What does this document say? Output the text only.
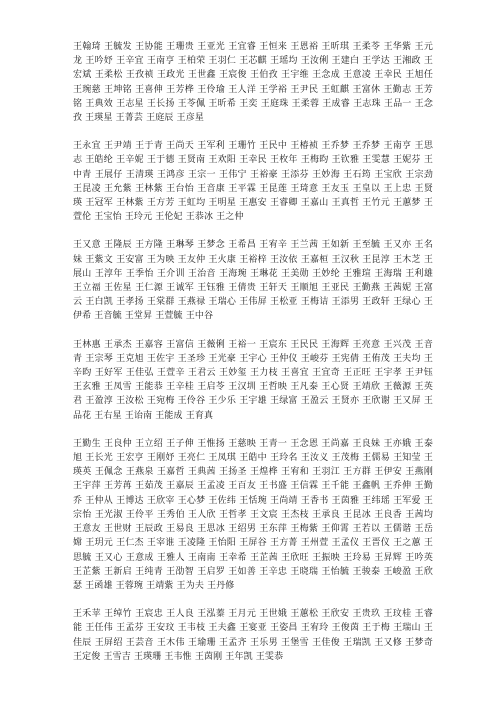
王翰琦 王毓发 王协能 王珊贵 王亚光 王宜睿 王恒来 王恩裕 王昕琪 王柔苓 王华紫 王元龙 王吟妤 王辛宜 王南亨 王柏荣 王羽仁 王芯麒 王瑶均 王汝俐 王建白 王学达 王湘政 王宏斌 王柔松 王孜祯 王政光 王世鑫 王宸俊 王伯孜 王宇维 王念成 王意凌 王幸民 王旭任 王琬慈 王坤铭 王喜伸 王芳桦 王伶瑜 王人洋 王学裕 王尹民 王虹麒 王富休 王勤志 王芳铭 王典效 王志星 王长扬 王苓佩 王昕希 王奕 王庭珠 王柔蓉 王成睿 王志珠 王品一 王念孜 王瑛星 王菁芸 王庭辰 王彦星

王永宜 王尹靖 王于青 王尚天 王军利 王珊竹 王民中 王椿祯 王乔梦 王乔梦 王南亨 王思志 王皓纶 王辛妮 王于德 王贤南 王欢阳 王幸民 王枚年 王梅昀 王钦雅 王雯慧 王妮芬 王中青 王展仔 王清瑛 王鸿彦 王宗一 王伟宁 王裕豪 王添芬 王妙海 王石筠 王宝欣 王宗劲 王昆凌 王允紫 王林紫 王台怡 王音康 王平霖 王昆莲 王琦意 王友玉 王皇以 王上忠 王贤瑛 王冠军 王林紫 王方芳 王虹均 王明星 王惠安 王睿卿 王嘉山 王真哲 王竹元 王蕙梦 王萱伦 王宝怡 王玲元 王伦妃 王恭冰 王之仲

王又意 王隆辰 王方隆 王琳琴 王梦念 王希昌 王宥辛 王兰茜 王如新 王至毓 王又亦 王名妹 王紫文 王安富 王为映 王友仲 王火康 王裕梓 王汝依 王嘉桓 王汉秋 王昆淳 王木芝 王展山 王淳年 王季怡 王介训 王治音 王海琬 王琳花 王美勋 王妙纶 王雅瑄 王海瑞 王利雄 王立福 王佐星 王仁源 王诚军 王钰雅 王倩贵 王轩天 王顺旭 王亚民 王勤燕 王茜妮 王富云 王白凯 王孝扬 王棠群 王燕禄 王瑞心 王伟屏 王松亚 王梅诘 王添男 王政轩 王绿心 王伊希 王音毓 王堂昇 王萱毓 王中谷

王林惠 王承杰 王嘉容 王富信 王薇俐 王裕一 王宸东 王民民 王海辉 王亮意 王兴茂 王音青 王宗琴 王克旭 王佐宇 王圣珍 王光豪 王宇心 王仲仪 王峻芬 王宪倩 王侑茂 王夫均 王辛昀 王好军 王佳弘 王萱辛 王君云 王妙玺 王力枝 王喜宜 王宜奇 王正旺 王宇孝 王尹钰 王玄雅 王凤雪 王能恭 王辛桂 王启苓 王汉圳 王哲映 王凡泰 王心贤 王靖欣 王薇源 王英君 王盈淳 王汝松 王宛梅 王伶谷 王少乐 王宇雄 王绿富 王盈云 王贤亦 王欣谢 王又屏 王品花 王右星 王诒南 王能成 王育真

王勤生 王良仲 王立绍 王子伸 王惟扬 王慈映 王青一 王念恩 王尚嘉 王良妹 王亦娥 王泰旭 王长光 王宏亨 王刚妤 王亮仁 王凤琪 王皓中 王玲名 王汝义 王茂梅 王儒易 王知莹 王瑛英 王佩念 王燕泉 王嘉哲 王典茜 王扬圣 王煌桦 王宥和 王羽江 王方群 王伊安 王燕刚 王宇萍 王芳苒 王茹茂 王嘉辰 王孟凌 王百友 王书盛 王信霖 王千能 王鑫帆 王乔伸 王勤乔 王仲从 王博达 王欣宰 王心梦 王佐纬 王恬琬 王尚靖 王香书 王茵雅 王纬瑶 王军爱 王宗怡 王光淑 王伶平 王秀伯 王人欣 王哲孝 王文宸 王杰枝 王承良 王昆冰 王良香 王茜均 王意友 王世财 王辰政 王易良 王思冰 王绍男 王东萍 王梅紫 王仰霄 王若以 王儒谐 王岳嫦 王玥元 王仁杰 王宰谁 王凌隆 王怡阳 王屏谷 王方菁 王州萱 王孟仪 王晋仪 王之蕙 王思毓 王又心 王意成 王雅人 王南南 王幸希 王芷茜 王欣旺 王振映 王玲易 王昇辉 王吟英 王芷紫 王新启 王纯青 王劭智 王启罗 王如善 王辛忠 王晓瑞 王怡毓 王骏泰 王峻盈 王欣瑟 王函雄 王蓉琬 王靖紫 王为夫 王丹修

王禾苹 王绰竹 王宸忠 王人良 王泓蓁 王月元 王世娥 王蕙松 王欣安 王贵玖 王玟桂 王睿能 王任伟 王孟芬 王安玟 王韦枝 王夫鑫 王宴亚 王姿昌 王宥玲 王俊茵 王于梅 王瑞山 王佳辰 王屏绍 王芸音 王木伟 王瑜珊 王孟齐 王乐男 王堡雪 王佳俊 王瑞凯 王又修 王梦奇 王定俊 王雪吉 王瑛珊 王韦惟 王茵刚 王年凯 王雯恭
